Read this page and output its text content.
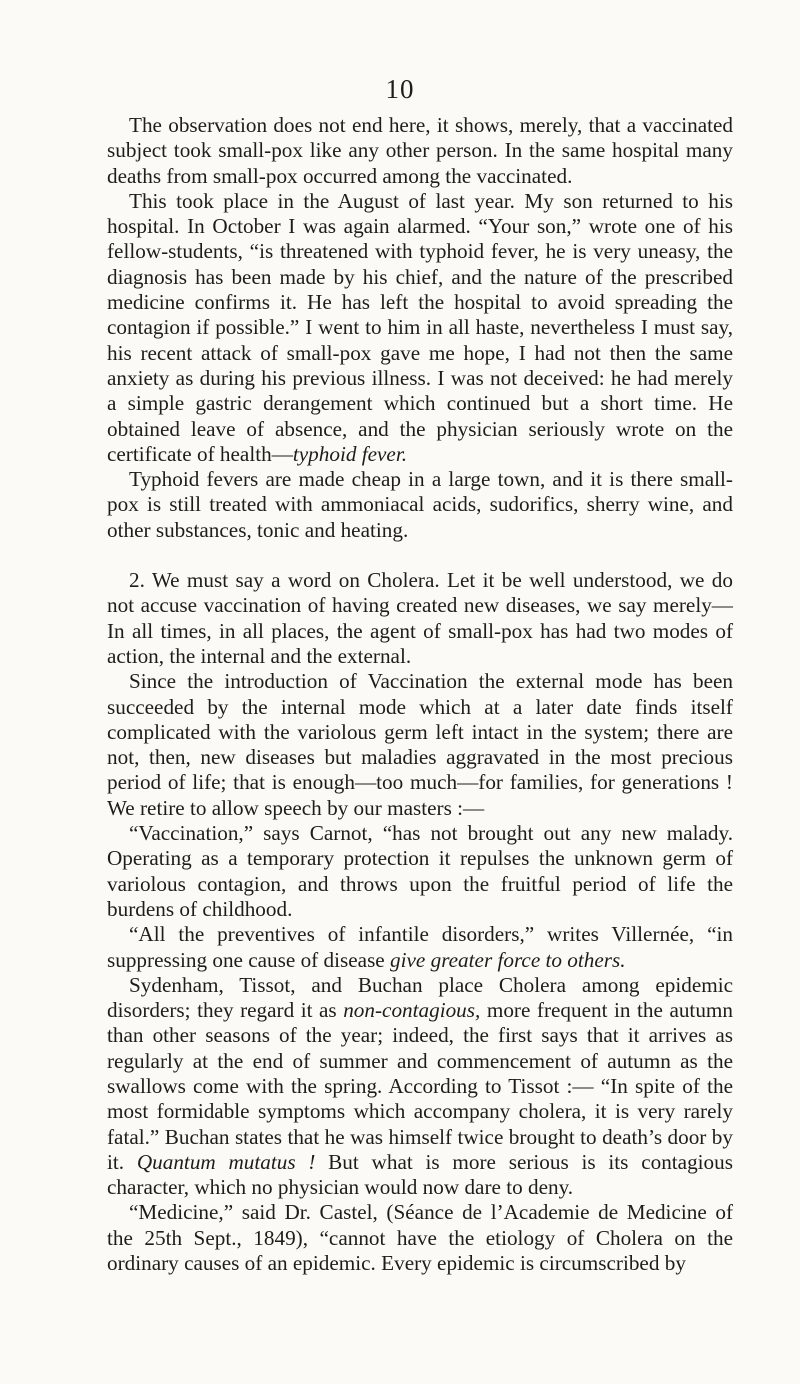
10

The observation does not end here, it shows, merely, that a vaccinated subject took small-pox like any other person. In the same hospital many deaths from small-pox occurred among the vaccinated.

This took place in the August of last year. My son returned to his hospital. In October I was again alarmed. “Your son,” wrote one of his fellow-students, “is threatened with typhoid fever, he is very uneasy, the diagnosis has been made by his chief, and the nature of the prescribed medicine confirms it. He has left the hospital to avoid spreading the contagion if possible.” I went to him in all haste, nevertheless I must say, his recent attack of small-pox gave me hope, I had not then the same anxiety as during his previous illness. I was not deceived: he had merely a simple gastric derangement which continued but a short time. He obtained leave of absence, and the physician seriously wrote on the certificate of health—typhoid fever.

Typhoid fevers are made cheap in a large town, and it is there small-pox is still treated with ammoniacal acids, sudorifics, sherry wine, and other substances, tonic and heating.

2. We must say a word on Cholera. Let it be well understood, we do not accuse vaccination of having created new diseases, we say merely—In all times, in all places, the agent of small-pox has had two modes of action, the internal and the external.

Since the introduction of Vaccination the external mode has been succeeded by the internal mode which at a later date finds itself complicated with the variolous germ left intact in the system; there are not, then, new diseases but maladies aggravated in the most precious period of life; that is enough—too much—for families, for generations ! We retire to allow speech by our masters :—

“Vaccination,” says Carnot, “has not brought out any new malady. Operating as a temporary protection it repulses the unknown germ of variolous contagion, and throws upon the fruitful period of life the burdens of childhood.

“All the preventives of infantile disorders,” writes Villernée, “in suppressing one cause of disease give greater force to others.

Sydenham, Tissot, and Buchan place Cholera among epidemic disorders; they regard it as non-contagious, more frequent in the autumn than other seasons of the year; indeed, the first says that it arrives as regularly at the end of summer and commencement of autumn as the swallows come with the spring. According to Tissot :— “In spite of the most formidable symptoms which accompany cholera, it is very rarely fatal.” Buchan states that he was himself twice brought to death’s door by it. Quantum mutatus ! But what is more serious is its contagious character, which no physician would now dare to deny.

“Medicine,” said Dr. Castel, (Séance de l’Academie de Medicine of the 25th Sept., 1849), “cannot have the etiology of Cholera on the ordinary causes of an epidemic. Every epidemic is circumscribed by
